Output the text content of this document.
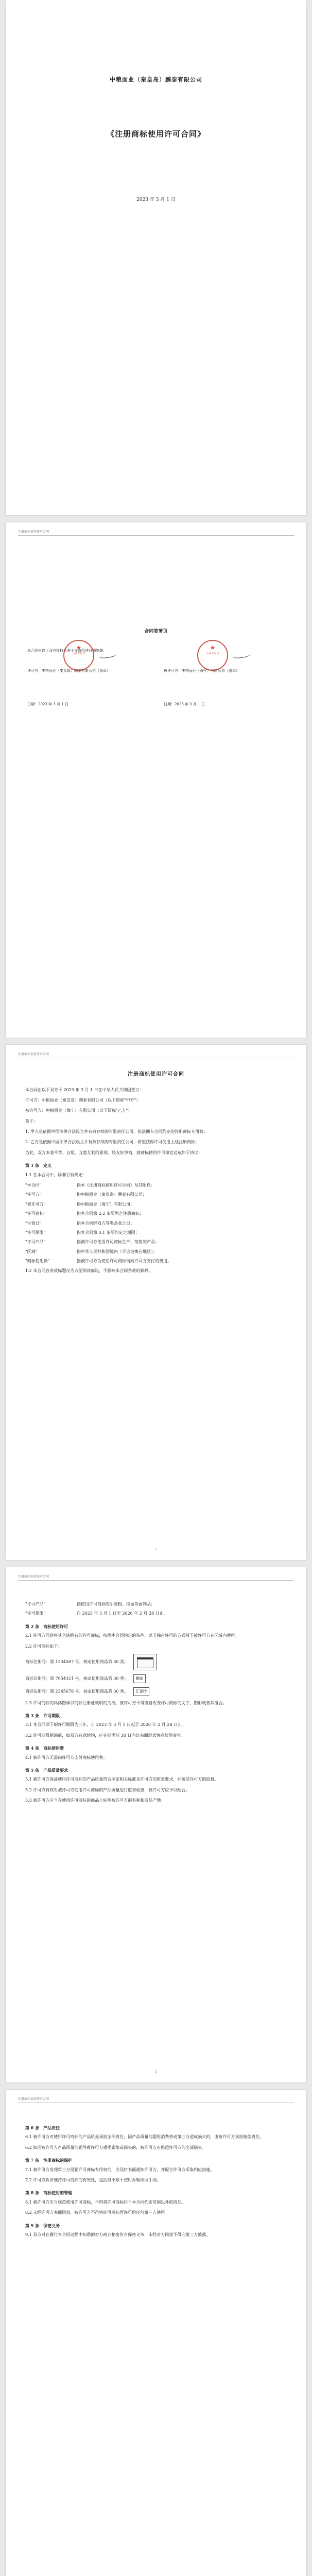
中粮面业（秦皇岛）鹏泰有限公司
《注册商标使用许可合同》
2023 年 3 月 1 日
注册商标使用许可合同
合同签署页
本合同由以下双方授权代表于文首所述日期签署：	
许可方：中粮面业（秦皇岛）鹏泰有限公司（盖章）	被许可方：中粮面业（海宁）有限公司（盖章）

日期：2023 年 3 月 1 日	日期：2023 年 3 月 1 日
合同专用章 ★	合同专用章 ★
注册商标使用许可合同
注册商标使用许可合同

本合同由以下双方于 2023 年 3 月 1 日在中华人民共和国签订：

许可方：中粮面业（秦皇岛）鹏泰有限公司（以下简称"甲方"）

被许可方：中粮面业（海宁）有限公司（以下简称"乙方"）

鉴于：

1. 甲方是依据中国法律合法设立并有效存续的有限责任公司，依法拥有合同约定的注册商标专用权；

2. 乙方是依据中国法律合法设立并有效存续的有限责任公司，希望获得许可使用上述注册商标；

为此，双方本着平等、自愿、互惠互利的原则，经友好协商，就商标使用许可事宜达成如下协议：

第 1 条　定义

1.1 在本合同中，除非另有规定：

"本合同"	指本《注册商标使用许可合同》及其附件；
"许可方"	指中粮面业（秦皇岛）鹏泰有限公司；
"被许可方"	指中粮面业（海宁）有限公司；
"许可商标"	指本合同第 2.2 条所列之注册商标；
"生效日"	指本合同经双方签署盖章之日；
"许可期限"	指本合同第 3.1 条所约定之期限；
"许可产品"	指被许可方使用许可商标生产、销售的产品；
"区域"	指中华人民共和国境内（不含港澳台地区）；
"商标使用费"	指被许可方为使用许可商标而向许可方支付的费用。

1.2 本合同各条款标题仅为方便阅读而设，不影响本合同条款的解释。

1
注册商标使用许可合同
"许可产品"	指使用许可商标的小麦粉、挂面等面制品；
"许可期限"	自 2023 年 3 月 1 日至 2026 年 2 月 28 日止。
第 2 条　商标使用许可

2.1 许可方同意将其合法拥有的许可商标，按照本合同约定的条件，以非独占许可的方式授予被许可方在区域内使用。

2.2 许可商标如下：

商标注册号：第 1234567 号，核定使用商品第 30 类；

商标注册号：第 7654321 号，核定使用商品第 30 类； 鹏泰

商标注册号：第 2345678 号，核定使用商品第 30 类。 汇福特

2.3 许可商标的具体图样以商标注册证载明的为准。被许可方不得擅自改变许可商标的文字、图形或者其组合。

第 3 条　许可期限

3.1 本合同项下的许可期限为三年，自 2023 年 3 月 1 日起至 2026 年 2 月 28 日止。

3.2 许可期限届满前，如双方有意续约，应在期满前 30 日内以书面形式协商续签事宜。

第 4 条　商标使用费

4.1 被许可方无需向许可方支付商标使用费。

第 5 条　产品质量要求

5.1 被许可方保证使用许可商标的产品质量符合国家相关标准及许可方的质量要求，并接受许可方的监督。

5.2 许可方有权对被许可方使用许可商标的产品质量进行监督检查，被许可方应予以配合。

5.3 被许可方应当在使用许可商标的商品上标明被许可方的名称和商品产地。

2
注册商标使用许可合同
第 6 条　产品责任

6.1 被许可方对使用许可商标的产品质量承担全部责任，因产品质量问题给消费者或第三方造成损失的，由被许可方承担赔偿责任。

6.2 如因被许可方产品质量问题导致许可方遭受索赔或损失的，被许可方应赔偿许可方的全部损失。

第 7 条　注册商标的保护

7.1 被许可方发现第三方侵犯许可商标专用权的，应及时书面通知许可方，并配合许可方采取相应措施。

7.2 许可方负责维持许可商标的有效性，包括但不限于按时办理续展手续。

第 8 条　商标使用的管理

8.1 被许可方应当规范使用许可商标，不得将许可商标用于本合同约定范围以外的商品。

8.2 未经许可方书面同意，被许可方不得将许可商标再许可给任何第三方使用。

第 9 条　保密义务

9.1 双方对在履行本合同过程中知悉的对方商业秘密负有保密义务，未经对方同意不得向第三方披露。
